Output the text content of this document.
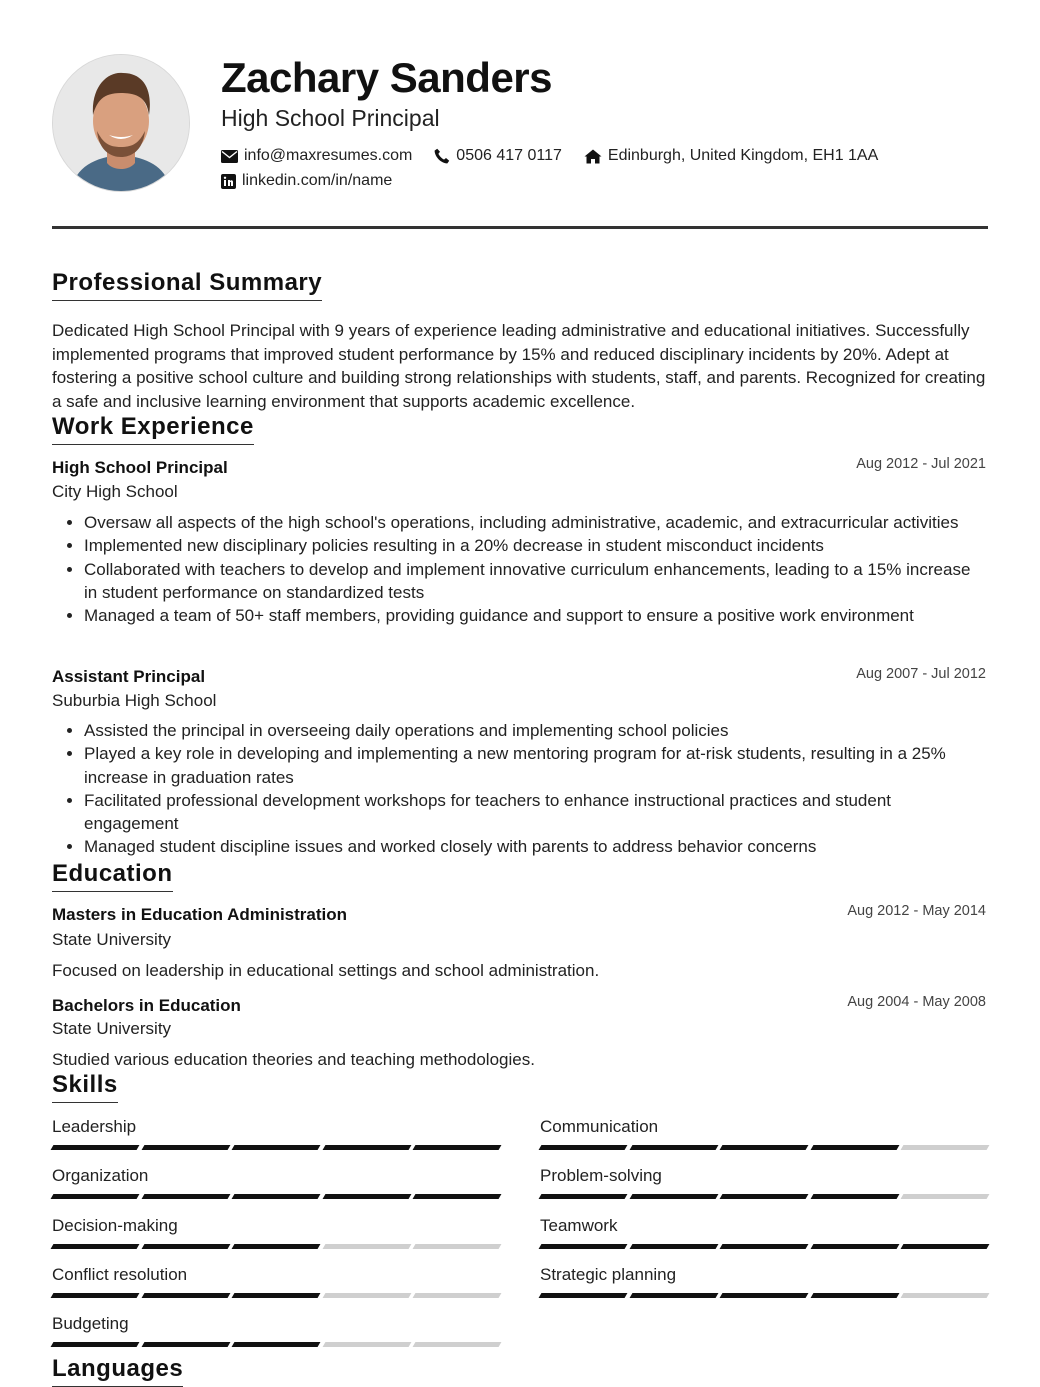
Zachary Sanders
High School Principal
info@maxresumes.com	0506 417 0117	Edinburgh, United Kingdom, EH1 1AA
linkedin.com/in/name
Professional Summary
Dedicated High School Principal with 9 years of experience leading administrative and educational initiatives. Successfully implemented programs that improved student performance by 15% and reduced disciplinary incidents by 20%. Adept at fostering a positive school culture and building strong relationships with students, staff, and parents. Recognized for creating a safe and inclusive learning environment that supports academic excellence.
Work Experience
High School Principal	Aug 2012 - Jul 2021
City High School
• Oversaw all aspects of the high school's operations, including administrative, academic, and extracurricular activities
• Implemented new disciplinary policies resulting in a 20% decrease in student misconduct incidents
• Collaborated with teachers to develop and implement innovative curriculum enhancements, leading to a 15% increase in student performance on standardized tests
• Managed a team of 50+ staff members, providing guidance and support to ensure a positive work environment
Assistant Principal	Aug 2007 - Jul 2012
Suburbia High School
• Assisted the principal in overseeing daily operations and implementing school policies
• Played a key role in developing and implementing a new mentoring program for at-risk students, resulting in a 25% increase in graduation rates
• Facilitated professional development workshops for teachers to enhance instructional practices and student engagement
• Managed student discipline issues and worked closely with parents to address behavior concerns
Education
Masters in Education Administration	Aug 2012 - May 2014
State University
Focused on leadership in educational settings and school administration.
Bachelors in Education	Aug 2004 - May 2008
State University
Studied various education theories and teaching methodologies.
Skills
Leadership	Communication
Organization	Problem-solving
Decision-making	Teamwork
Conflict resolution	Strategic planning
Budgeting
Languages
